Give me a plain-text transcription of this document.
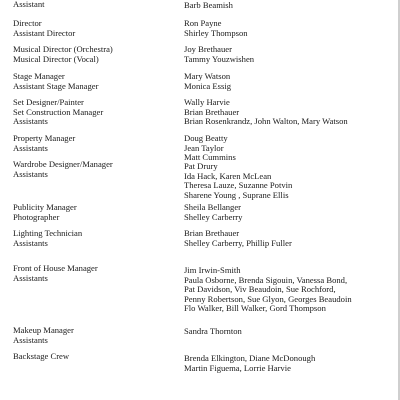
Assistant	Barb Beamish
Director
Assistant Director
Ron Payne
Shirley Thompson
Musical Director (Orchestra)
Musical Director (Vocal)
Joy Brethauer
Tammy Youzwishen
Stage Manager
Assistant Stage Manager
Mary Watson
Monica Essig
Set Designer/Painter
Set Construction Manager
Assistants
Wally Harvie
Brian Brethauer
Brian Rosenkrandz, John Walton, Mary Watson
Property Manager
Assistants
Doug Beatty
Jean Taylor
Matt Cummins
Wardrobe Designer/Manager
Assistants
Pat Drury
Ida Hack, Karen McLean
Theresa Lauze, Suzanne Potvin
Sharene Young , Suprane Ellis
Publicity Manager
Photographer
Sheila Bellanger
Shelley Carberry
Lighting Technician
Assistants
Brian Brethauer
Shelley Carberry, Phillip Fuller
Front of House Manager
Assistants
Jim Irwin-Smith
Paula Osborne, Brenda Sigouin, Vanessa Bond,
Pat Davidson, Viv Beaudoin, Sue Rochford,
Penny Robertson, Sue Glyon, Georges Beaudoin
Flo Walker, Bill Walker, Gord Thompson
Makeup Manager
Assistants
Sandra Thornton
Backstage Crew	Brenda Elkington, Diane McDonough
Martin Figuema, Lorrie Harvie
